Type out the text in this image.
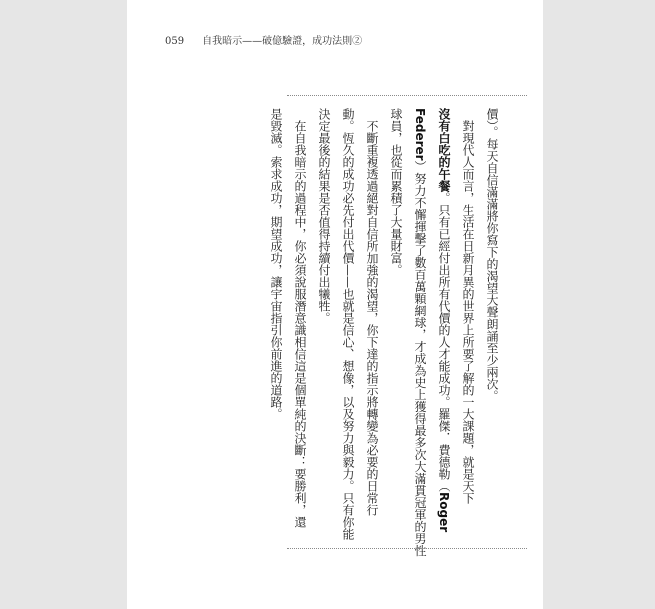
059 自我暗示——破億驗證，成功法則②
價）。每天自信滿滿將你寫下的渴望大聲朗誦至少兩次。
　對現代人而言，生活在日新月異的世界上所要了解的一大課題，就是天下
沒有白吃的午餐。只有已經付出所有代價的人才能成功。羅傑．費德勒（Roger
Federer）努力不懈揮擊了數百萬顆網球，才成為史上獲得最多次大滿貫冠軍的男性
球員，也從而累積了大量財富。
　不斷重複透過絕對自信所加強的渴望，你下達的指示將轉變為必要的日常行
動。恆久的成功必先付出代價——也就是信心、想像，以及努力與毅力。只有你能
決定最後的結果是否值得持續付出犧牲。
　在自我暗示的過程中，你必須說服潛意識相信這是個單純的決斷：要勝利，還
是毀滅。索求成功，期望成功，讓宇宙指引你前進的道路。
